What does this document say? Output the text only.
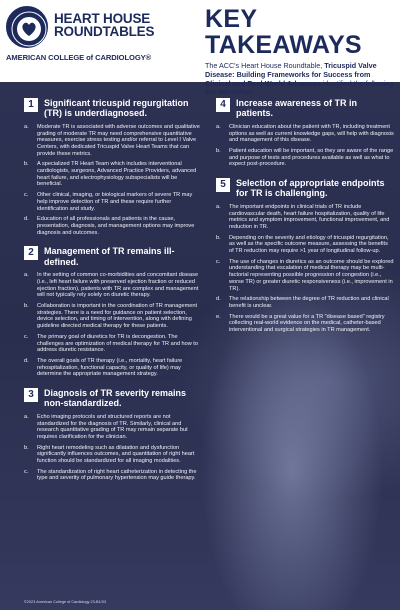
HEART HOUSE ROUNDTABLES
AMERICAN COLLEGE of CARDIOLOGY®
KEY TAKEAWAYS
The ACC's Heart House Roundtable, Tricuspid Valve Disease: Building Frameworks for Success from Clinical and Real-World Advances identified the following key takeaways:
1	Significant tricuspid regurgitation (TR) is underdiagnosed.
a.	Moderate TR is associated with adverse outcomes and qualitative grading of moderate TR may need comprehensive quantitative measures, exercise stress testing and/or referral to Level I Valve Centers, with dedicated Tricuspid Valve Heart Teams that can provide these metrics.
b.	A specialized TR Heart Team which includes interventional cardiologists, surgeons, Advanced Practice Providers, advanced heart failure, and electrophysiology subspecialists will be beneficial.
c.	Other clinical, imaging, or biological markers of severe TR may help improve detection of TR and these require further identification and study.
d.	Education of all professionals and patients in the cause, presentation, diagnosis, and management options may improve diagnosis and outcomes.
2	Management of TR remains ill-defined.
a.	In the setting of common co-morbidities and concomitant disease (i.e., left heart failure with preserved ejection fraction or reduced ejection fraction), patients with TR are complex and management will not typically rely solely on diuretic therapy.
b.	Collaboration is important in the coordination of TR management strategies. There is a need for guidance on patient selection, device selection, and timing of intervention, along with defining guideline directed medical therapy for these patients.
c.	The primary goal of diuretics for TR is decongestion. The challenges are optimization of medical therapy for TR and how to address diuretic resistance.
d.	The overall goals of TR therapy (i.e., mortality, heart failure rehospitalization, functional capacity, or quality of life) may determine the appropriate management strategy.
3	Diagnosis of TR severity remains non-standardized.
a.	Echo imaging protocols and structured reports are not standardized for the diagnosis of TR. Similarly, clinical and research quantitative grading of TR may remain separate but requires clarification for the clinician.
b.	Right heart remodeling such as dilatation and dysfunction significantly influences outcomes, and quantitation of right heart function should be standardized for all imaging modalities.
c.	The standardization of right heart catheterization in detecting the type and severity of pulmonary hypertension may guide therapy.
4	Increase awareness of TR in patients.
a.	Clinician education about the patient with TR, including treatment options as well as current knowledge gaps, will help with diagnosis and management of this disease.
b.	Patient education will be important, so they are aware of the range and purpose of tests and procedures available as well as what to expect post-procedure.
5	Selection of appropriate endpoints for TR is challenging.
a.	The important endpoints in clinical trials of TR include cardiovascular death, heart failure hospitalization, quality of life metrics and symptom improvement, functional improvement, and reduction in TR.
b.	Depending on the severity and etiology of tricuspid regurgitation, as well as the specific outcome measure, assessing the benefits of TR reduction may require >1 year of longitudinal follow-up.
c.	The use of changes in diuretics as an outcome should be explored understanding that escalation of medical therapy may be multi-factorial representing possible progression of congestion (i.e., worse TR) or greater diuretic responsiveness (i.e., improvement in TR).
d.	The relationship between the degree of TR reduction and clinical benefit is unclear.
e.	There would be a great value for a TR "disease based" registry collecting real-world evidence on the medical, catheter-based interventional and surgical strategies in TR management.
©2023 American College of Cardiology 23-B1/03
